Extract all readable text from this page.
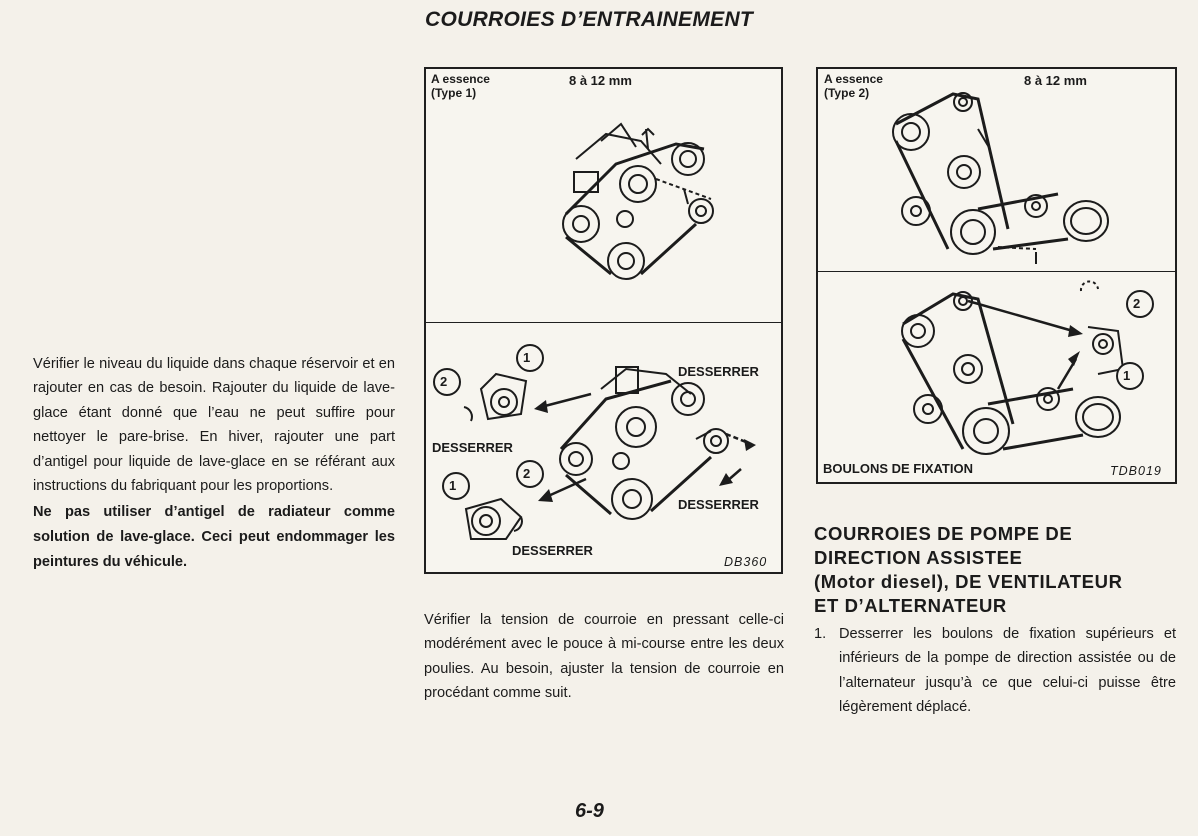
COURROIES D’ENTRAINEMENT

Vérifier le niveau du liquide dans chaque réservoir et en rajouter en cas de besoin. Rajouter du liquide de lave-glace étant donné que l’eau ne peut suffire pour nettoyer le pare-brise. En hiver, rajouter une part d’antigel pour liquide de lave-glace en se référant aux instructions du fabriquant pour les proportions.

Ne pas utiliser d’antigel de radiateur comme solution de lave-glace. Ceci peut endommager les peintures du véhicule.

A essence
(Type 1)
8 à 12 mm
1
2
1
2
DESSERRER
DESSERRER
DESSERRER
DESSERRER
DB360
A essence
(Type 2)
8 à 12 mm
2
1
BOULONS DE FIXATION	TDB019
Vérifier la tension de courroie en pressant celle-ci modérément avec le pouce à mi-course entre les deux poulies. Au besoin, ajuster la tension de courroie en procédant comme suit.
COURROIES DE POMPE DE
DIRECTION ASSISTEE
(Motor diesel), DE VENTILATEUR
ET D’ALTERNATEUR
1. Desserrer les boulons de fixation supérieurs et inférieurs de la pompe de direction assistée ou de l’alternateur jusqu’à ce que celui-ci puisse être légèrement déplacé.
6-9
